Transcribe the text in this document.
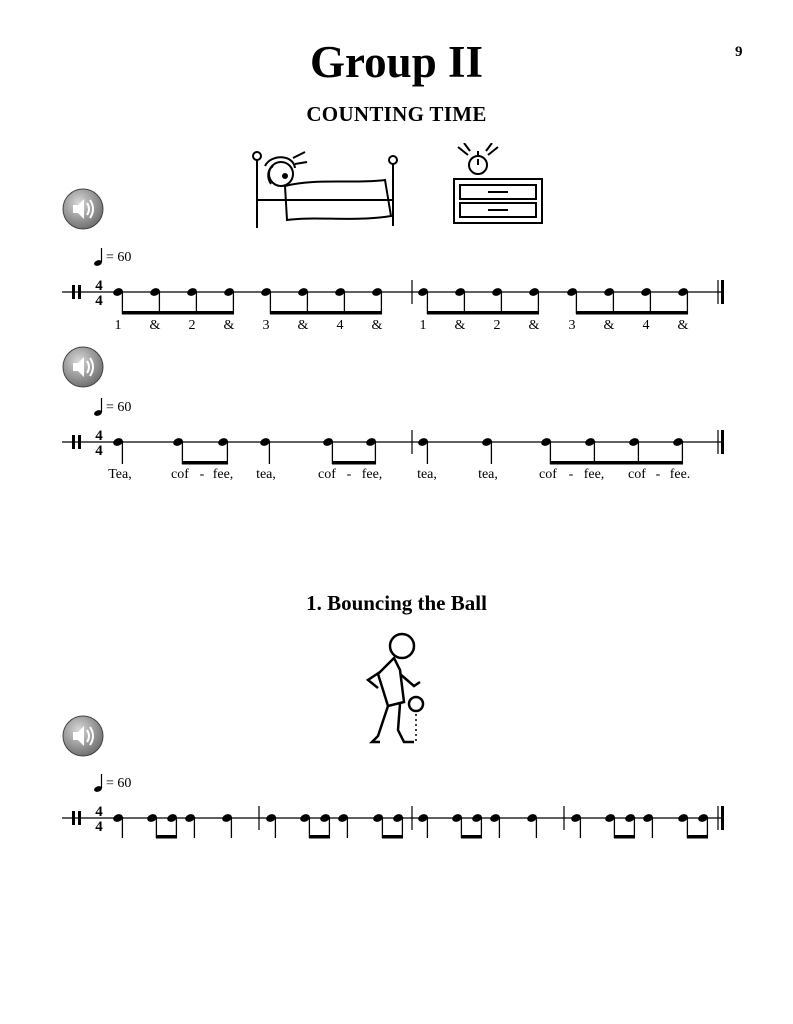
9
Group II
COUNTING TIME
= 60
= 60
= 60
4
4
4
4
4
4
1	&	2	&	3	&	4	&	1	&	2	&	3	&	4	&
Tea,	cof - fee,	tea,	cof - fee,	tea,	tea,	cof - fee,	cof - fee.
1. Bouncing the Ball
